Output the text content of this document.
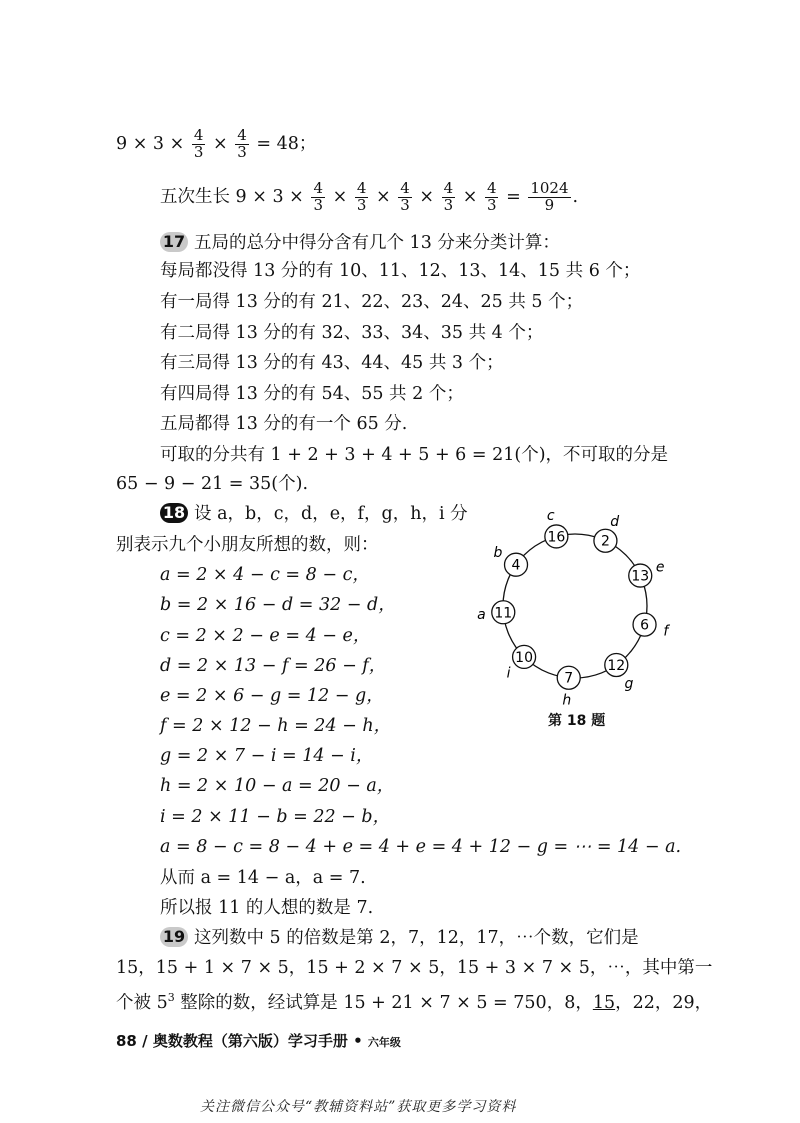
$9 \times 3 \times \frac{4}{3} \times \frac{4}{3} = 48$；
五次生长 $9 \times 3 \times \frac{4}{3} \times \frac{4}{3} \times \frac{4}{3} \times \frac{4}{3} \times \frac{4}{3} = \frac{1024}{9}$ .
17 五局的总分中得分含有几个 13 分来分类计算：
每局都没得 13 分的有 10、11、12、13、14、15 共 6 个；
有一局得 13 分的有 21、22、23、24、25 共 5 个；
有二局得 13 分的有 32、33、34、35 共 4 个；
有三局得 13 分的有 43、44、45 共 3 个；
有四局得 13 分的有 54、55 共 2 个；
五局都得 13 分的有一个 65 分.
可取的分共有 1 + 2 + 3 + 4 + 5 + 6 = 21(个)，不可取的分是
65 − 9 − 21 = 35(个).
18 设 a，b，c，d，e，f，g，h，i 分
别表示九个小朋友所想的数，则：
a = 2 × 4 − c = 8 − c，
b = 2 × 16 − d = 32 − d，
c = 2 × 2 − e = 4 − e，
d = 2 × 13 − f = 26 − f，
e = 2 × 6 − g = 12 − g，
f = 2 × 12 − h = 24 − h，
g = 2 × 7 − i = 14 − i，
h = 2 × 10 − a = 20 − a，
i = 2 × 11 − b = 22 − b，
a = 8 − c = 8 − 4 + e = 4 + e = 4 + 12 − g = ⋯ = 14 − a.
从而 a = 14 − a，a = 7.
所以报 11 的人想的数是 7.
16
c
2
d
13
e
6 f
12
g
7
h
10
i
11
a
4
b
第 18 题
19 这列数中 5 的倍数是第 2，7，12，17，⋯个数，它们是
15，15 + 1 × 7 × 5，15 + 2 × 7 × 5，15 + 3 × 7 × 5，⋯，其中第一
个被 $5^3$ 整除的数，经试算是 15 + 21 × 7 × 5 = 750，8，15，22，29，
88 / 奥数教程（第六版）学习手册 • 六年级
关注微信公众号“教辅资料站”获取更多学习资料
